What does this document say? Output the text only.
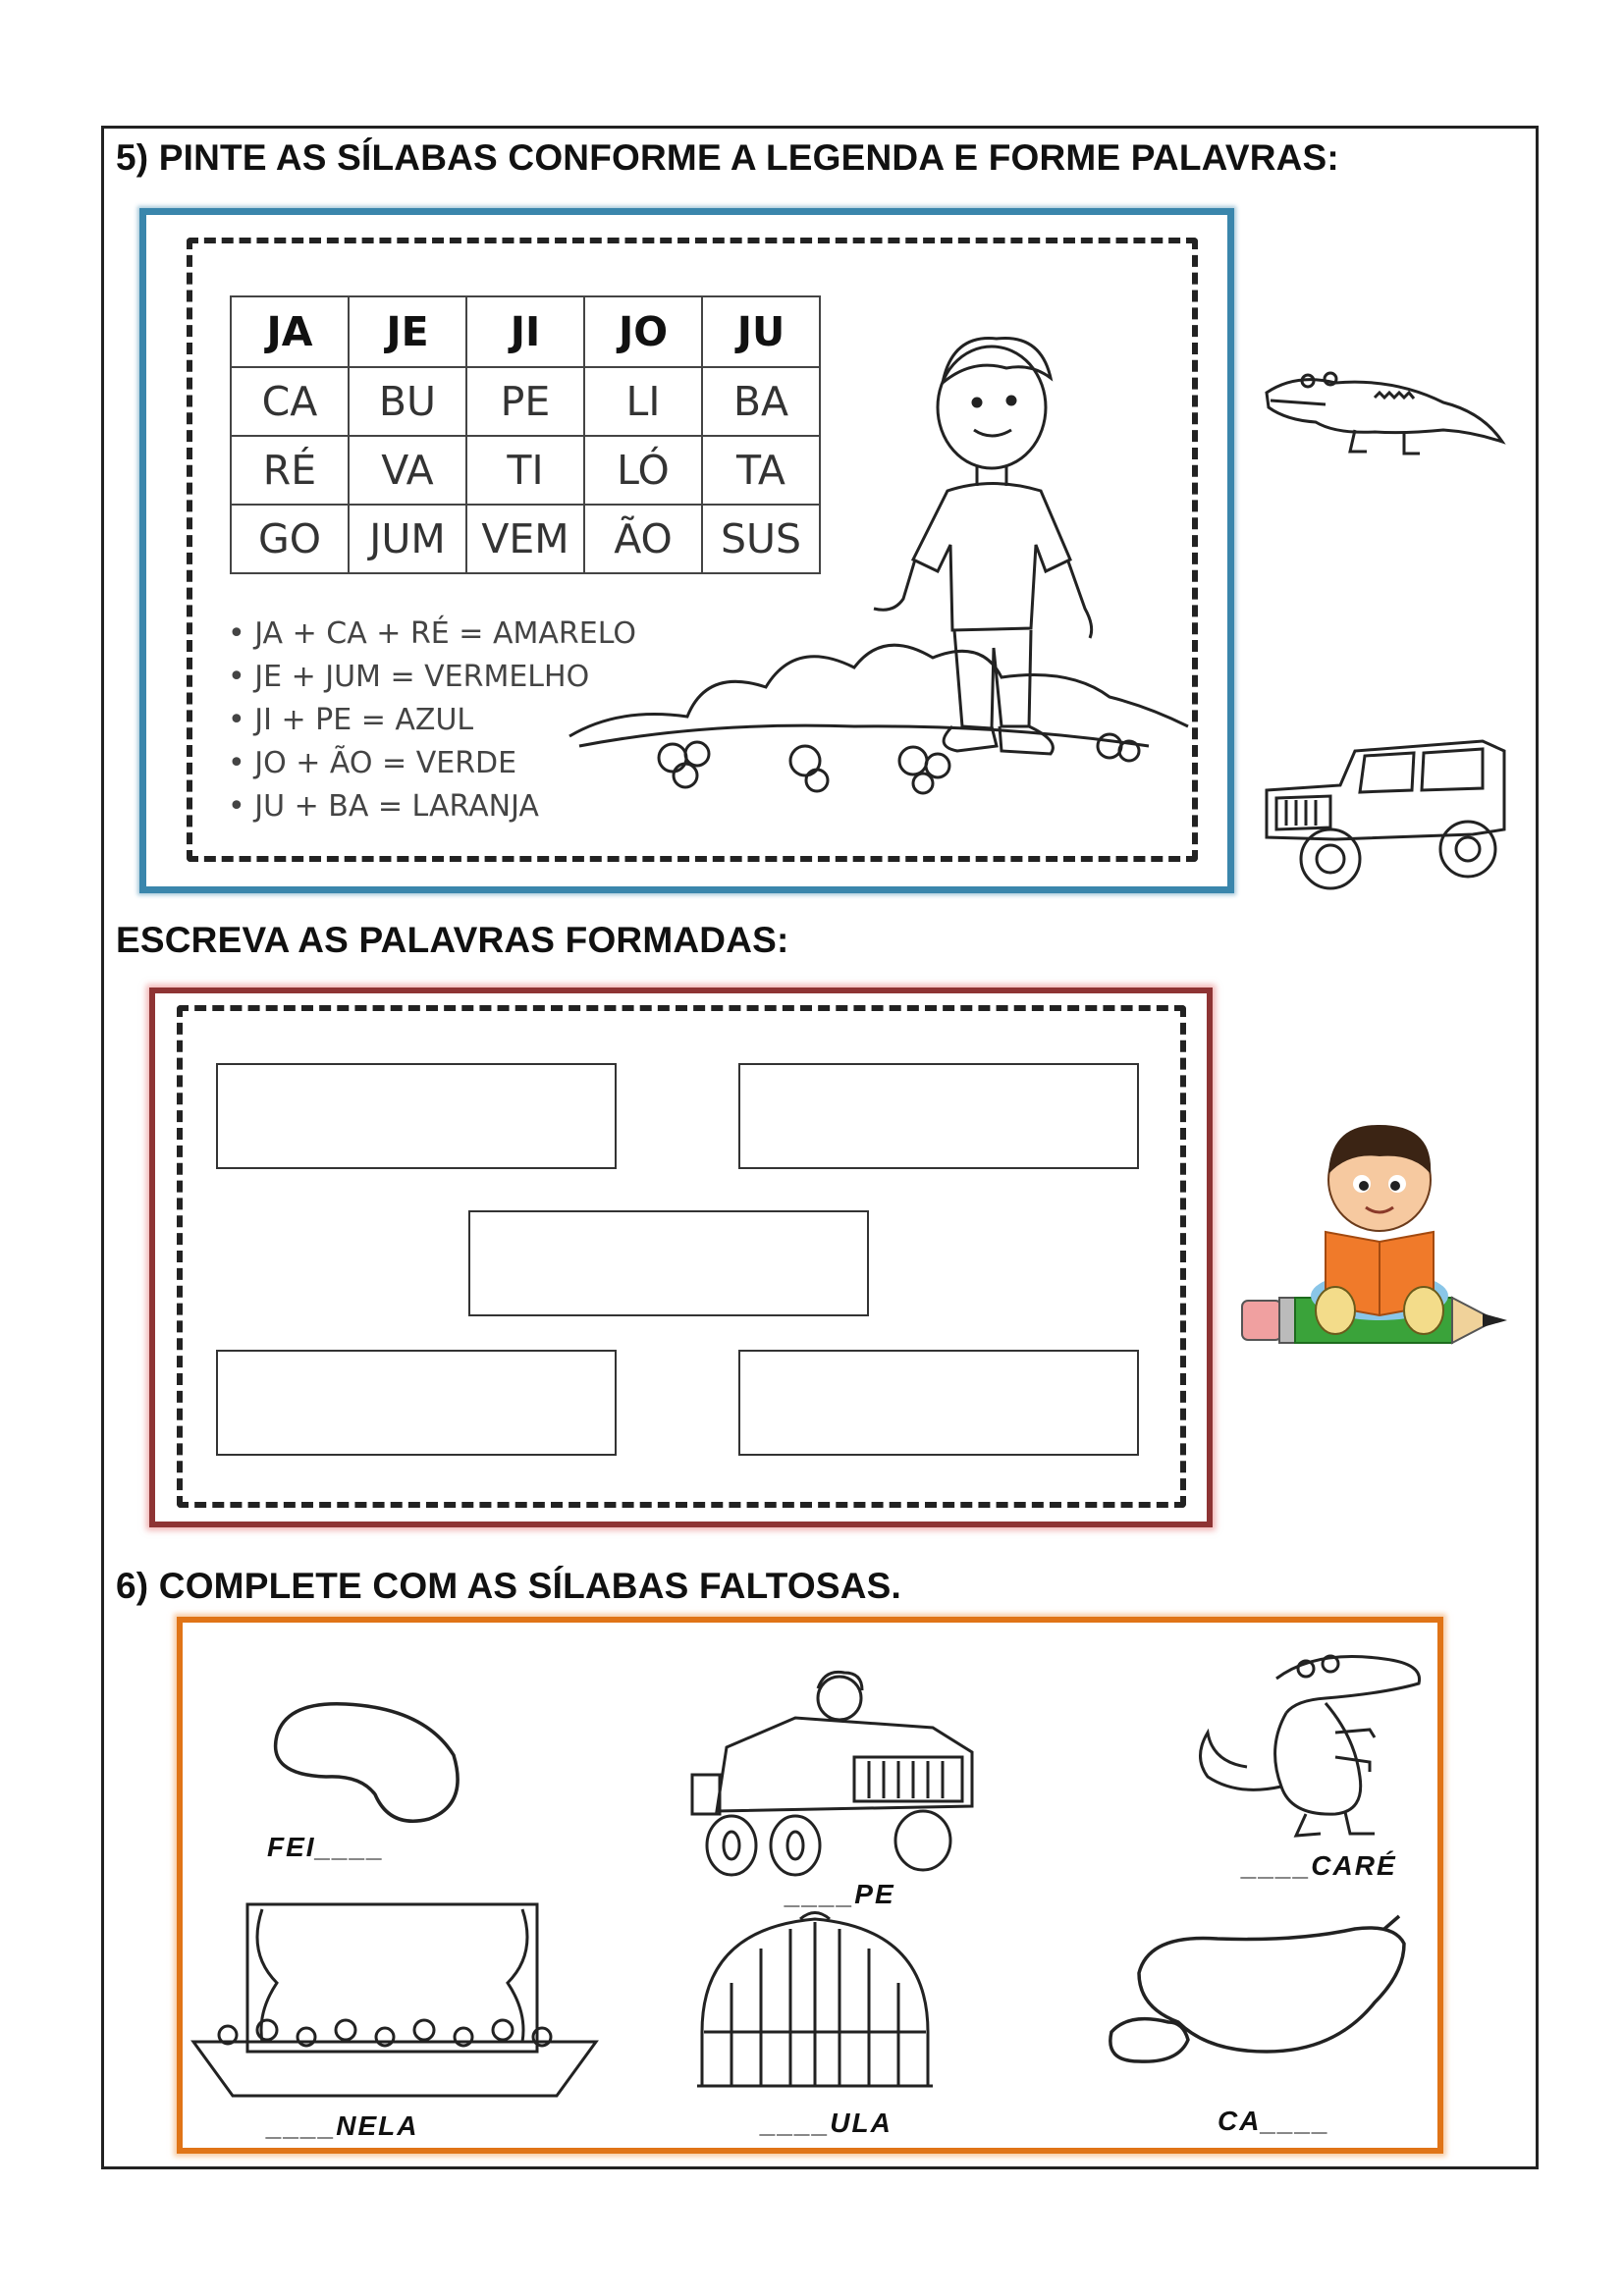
5) PINTE AS SÍLABAS CONFORME A LEGENDA E FORME PALAVRAS:
JA	JE	JI	JO	JU
CA	BU	PE	LI	BA
RÉ	VA	TI	LÓ	TA
GO	JUM	VEM	ÃO	SUS
• JA + CA + RÉ = AMARELO
• JE + JUM = VERMELHO
• JI + PE = AZUL
• JO + ÃO = VERDE
• JU + BA = LARANJA
ESCREVA AS PALAVRAS FORMADAS:
6) COMPLETE COM AS SÍLABAS FALTOSAS.
FEI____
____PE
____CARÉ
____NELA	____ULA	CA____
